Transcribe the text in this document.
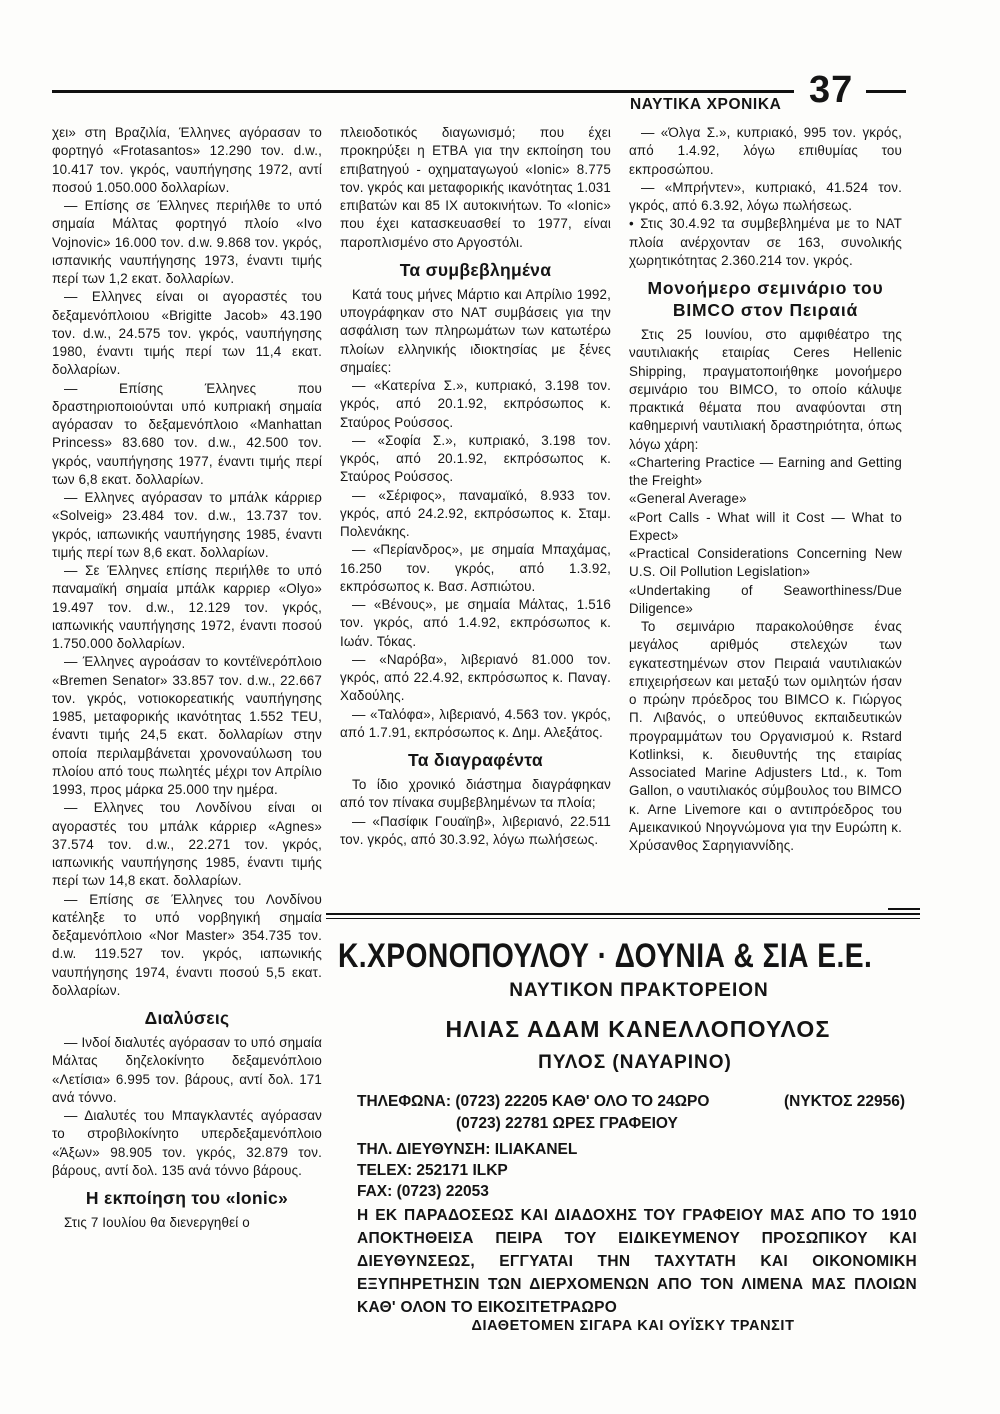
37
ΝΑΥΤΙΚΑ ΧΡΟΝΙΚΑ

χει» στη Βραζιλία, Έλληνες αγόρασαν το φορτηγό «Frotasantos» 12.290 τον. d.w., 10.417 τον. γκρός, ναυπήγησης 1972, αντί ποσού 1.050.000 δολλαρίων.

— Επίσης σε Έλληνες περιήλθε το υπό σημαία Μάλτας φορτηγό πλοίο «Ivo Vojnovic» 16.000 τον. d.w. 9.868 τον. γκρός, ισπανικής ναυπήγησης 1973, έναντι τιμής περί των 1,2 εκατ. δολλαρίων.

— Ελληνες είναι οι αγοραστές του δεξαμενόπλοιου «Brigitte Jacob» 43.190 τον. d.w., 24.575 τον. γκρός, ναυπήγησης 1980, έναντι τιμής περί των 11,4 εκατ. δολλαρίων.

— Επίσης Έλληνες που δραστηριοποιούνται υπό κυπριακή σημαία αγόρασαν το δεξαμενόπλοιο «Manhattan Princess» 83.680 τον. d.w., 42.500 τον. γκρός, ναυπήγησης 1977, έναντι τιμής περί των 6,8 εκατ. δολλαρίων.

— Ελληνες αγόρασαν το μπάλκ κάρριερ «Solveig» 23.484 τον. d.w., 13.737 τον. γκρός, ιαπωνικής ναυπήγησης 1985, έναντι τιμής περί των 8,6 εκατ. δολλαρίων.

— Σε Έλληνες επίσης περιήλθε το υπό παναμαϊκή σημαία μπάλκ καρριερ «Olyo» 19.497 τον. d.w., 12.129 τον. γκρός, ιαπωνικής ναυπήγησης 1972, έναντι ποσού 1.750.000 δολλαρίων.

— Έλληνες αγροάσαν το κοντέϊνερόπλοιο «Bremen Senator» 33.857 τον. d.w., 22.667 τον. γκρός, νοτιοκορεατικής ναυπήγησης 1985, μεταφορικής ικανότητας 1.552 TEU, έναντι τιμής 24,5 εκατ. δολλαρίων στην οποία περιλαμβάνεται χρονοναύλωση του πλοίου από τους πωλητές μέχρι τον Απρίλιο 1993, προς μάρκα 25.000 την ημέρα.

— Ελληνες του Λονδίνου είναι οι αγοραστές του μπάλκ κάρριερ «Agnes» 37.574 τον. d.w., 22.271 τον. γκρός, ιαπωνικής ναυπήγησης 1985, έναντι τιμής περί των 14,8 εκατ. δολλαρίων.

— Επίσης σε Έλληνες του Λονδίνου κατέληξε το υπό νορβηγική σημαία δεξαμενόπλοιο «Nor Master» 354.735 τον. d.w. 119.527 τον. γκρός, ιαπωνικής ναυπήγησης 1974, έναντι ποσού 5,5 εκατ. δολλαρίων.

Διαλύσεις

— Ινδοί διαλυτές αγόρασαν το υπό σημαία Μάλτας δηζελοκίνητο δεξαμενόπλοιο «Λετίσια» 6.995 τον. βάρους, αντί δολ. 171 ανά τόννο.

— Διαλυτές του Μπαγκλαντές αγόρασαν το στροβιλοκίνητο υπερδεξαμενόπλοιο «Άξων» 98.905 τον. γκρός, 32.879 τον. βάρους, αντί δολ. 135 ανά τόννο βάρους.

Η εκποίηση του «Ionic»

Στις 7 Ιουλίου θα διενεργηθεί ο

πλειοδοτικός διαγωνισμό; που έχει προκηρύξει η ΕΤΒΑ για την εκποίηση του επιβατηγού - οχηματαγωγού «Ionic» 8.775 τον. γκρός και μεταφορικής ικανότητας 1.031 επιβατών και 85 IX αυτοκινήτων. Το «Ionic» που έχει κατασκευασθεί το 1977, είναι παροπλισμένο στο Αργοστόλι.

Τα συμβεβλημένα

Κατά τους μήνες Μάρτιο και Απρίλιο 1992, υπογράφηκαν στο ΝΑΤ συμβάσεις για την ασφάλιση των πληρωμάτων των κατωτέρω πλοίων ελληνικής ιδιοκτησίας με ξένες σημαίες:

— «Κατερίνα Σ.», κυπριακό, 3.198 τον. γκρός, από 20.1.92, εκπρόσωπος κ. Σταύρος Ρούσσος.

— «Σοφία Σ.», κυπριακό, 3.198 τον. γκρός, από 20.1.92, εκπρόσωπος κ. Σταύρος Ρούσσος.

— «Σέριφος», παναμαϊκό, 8.933 τον. γκρός, από 24.2.92, εκπρόσωπος κ. Σταμ. Πολενάκης.

— «Περίανδρος», με σημαία Μπαχάμας, 16.250 τον. γκρός, από 1.3.92, εκπρόσωπος κ. Βασ. Ασπιώτου.

— «Βένους», με σημαία Μάλτας, 1.516 τον. γκρός, από 1.4.92, εκπρόσωπος κ. Ιωάν. Τόκας.

— «Ναρόβα», λιβεριανό 81.000 τον. γκρός, από 22.4.92, εκπρόσωπος κ. Παναγ. Χαδούλης.

— «Ταλόφα», λιβεριανό, 4.563 τον. γκρός, από 1.7.91, εκπρόσωπος κ. Δημ. Αλεξάτος.

Τα διαγραφέντα

Το ίδιο χρονικό διάστημα διαγράφηκαν από τον πίνακα συμβεβλημένων τα πλοία;

— «Πασίφικ Γουαϊηβ», λιβεριανό, 22.511 τον. γκρός, από 30.3.92, λόγω πωλήσεως.

— «Όλγα Σ.», κυπριακό, 995 τον. γκρός, από 1.4.92, λόγω επιθυμίας του εκπροσώπου.

— «Μπρήντεν», κυπριακό, 41.524 τον. γκρός, από 6.3.92, λόγω πωλήσεως.

• Στις 30.4.92 τα συμβεβλημένα με το ΝΑΤ πλοία ανέρχονταν σε 163, συνολικής χωρητικότητας 2.360.214 τον. γκρός.

Μονοήμερο σεμινάριο του BIMCO στον Πειραιά

Στις 25 Ιουνίου, στο αμφιθέατρο της ναυτιλιακής εταιρίας Ceres Hellenic Shipping, πραγματοποιήθηκε μονοήμερο σεμινάριο του BIMCO, το οποίο κάλυψε πρακτικά θέματα που αναφύονται στη καθημερινή ναυτιλιακή δραστηριότητα, όπως λόγω χάρη:

«Chartering Practice — Earning and Getting the Freight»

«General Average»

«Port Calls - What will it Cost — What to Expect»

«Practical Considerations Concerning New U.S. Oil Pollution Legislation»

«Undertaking of Seaworthiness/Due Diligence»

Το σεμινάριο παρακολούθησε ένας μεγάλος αριθμός στελεχών των εγκατεστημένων στον Πειραιά ναυτιλιακών επιχειρήσεων και μεταξύ των ομιλητών ήσαν ο πρώην πρόεδρος του BIMCO κ. Γιώργος Π. Λιβανός, ο υπεύθυνος εκπαιδευτικών προγραμμάτων του Οργανισμού κ. Rstard Kotlinksi, κ. διευθυντής της εταιρίας Associated Marine Adjusters Ltd., κ. Tom Gallon, ο ναυτιλιακός σύμβουλος του BIMCO κ. Arne Livemore και ο αντιπρόεδρος του Αμεικανικού Νηογνώμονα για την Ευρώπη κ. Χρύσανθος Σαρηγιαννίδης.

Κ.ΧΡΟΝΟΠΟΥΛΟΥ · ΔΟΥΝΙΑ & ΣΙΑ Ε.Ε.
ΝΑΥΤΙΚΟΝ ΠΡΑΚΤΟΡΕΙΟΝ
ΗΛΙΑΣ ΑΔΑΜ ΚΑΝΕΛΛΟΠΟΥΛΟΣ
ΠΥΛΟΣ (ΝΑΥΑΡΙΝΟ)
ΤΗΛΕΦΩΝΑ: (0723) 22205 ΚΑΘ' ΟΛΟ ΤΟ 24ΩΡΟ	(ΝΥΚΤΟΣ 22956)
(0723) 22781 ΩΡΕΣ ΓΡΑΦΕΙΟΥ
ΤΗΛ. ΔΙΕΥΘΥΝΣΗ: ILIAKANEL
TELEX: 252171 ILKP
FAX: (0723) 22053
Η ΕΚ ΠΑΡΑΔΟΣΕΩΣ ΚΑΙ ΔΙΑΔΟΧΗΣ ΤΟΥ ΓΡΑΦΕΙΟΥ ΜΑΣ ΑΠΟ ΤΟ 1910 ΑΠΟΚΤΗΘΕΙΣΑ ΠΕΙΡΑ ΤΟΥ ΕΙΔΙΚΕΥΜΕΝΟΥ ΠΡΟΣΩΠΙΚΟΥ ΚΑΙ ΔΙΕΥΘΥΝΣΕΩΣ, ΕΓΓΥΑΤΑΙ ΤΗΝ ΤΑΧΥΤΑΤΗ ΚΑΙ ΟΙΚΟΝΟΜΙΚΗ ΕΞΥΠΗΡΕΤΗΣΙΝ ΤΩΝ ΔΙΕΡΧΟΜΕΝΩΝ ΑΠΟ ΤΟΝ ΛΙΜΕΝΑ ΜΑΣ ΠΛΟΙΩΝ ΚΑΘ' ΟΛΟΝ ΤΟ ΕΙΚΟΣΙΤΕΤΡΑΩΡΟ
ΔΙΑΘΕΤΟΜΕΝ ΣΙΓΑΡΑ ΚΑΙ ΟΥΪΣΚΥ ΤΡΑΝΣΙΤ
